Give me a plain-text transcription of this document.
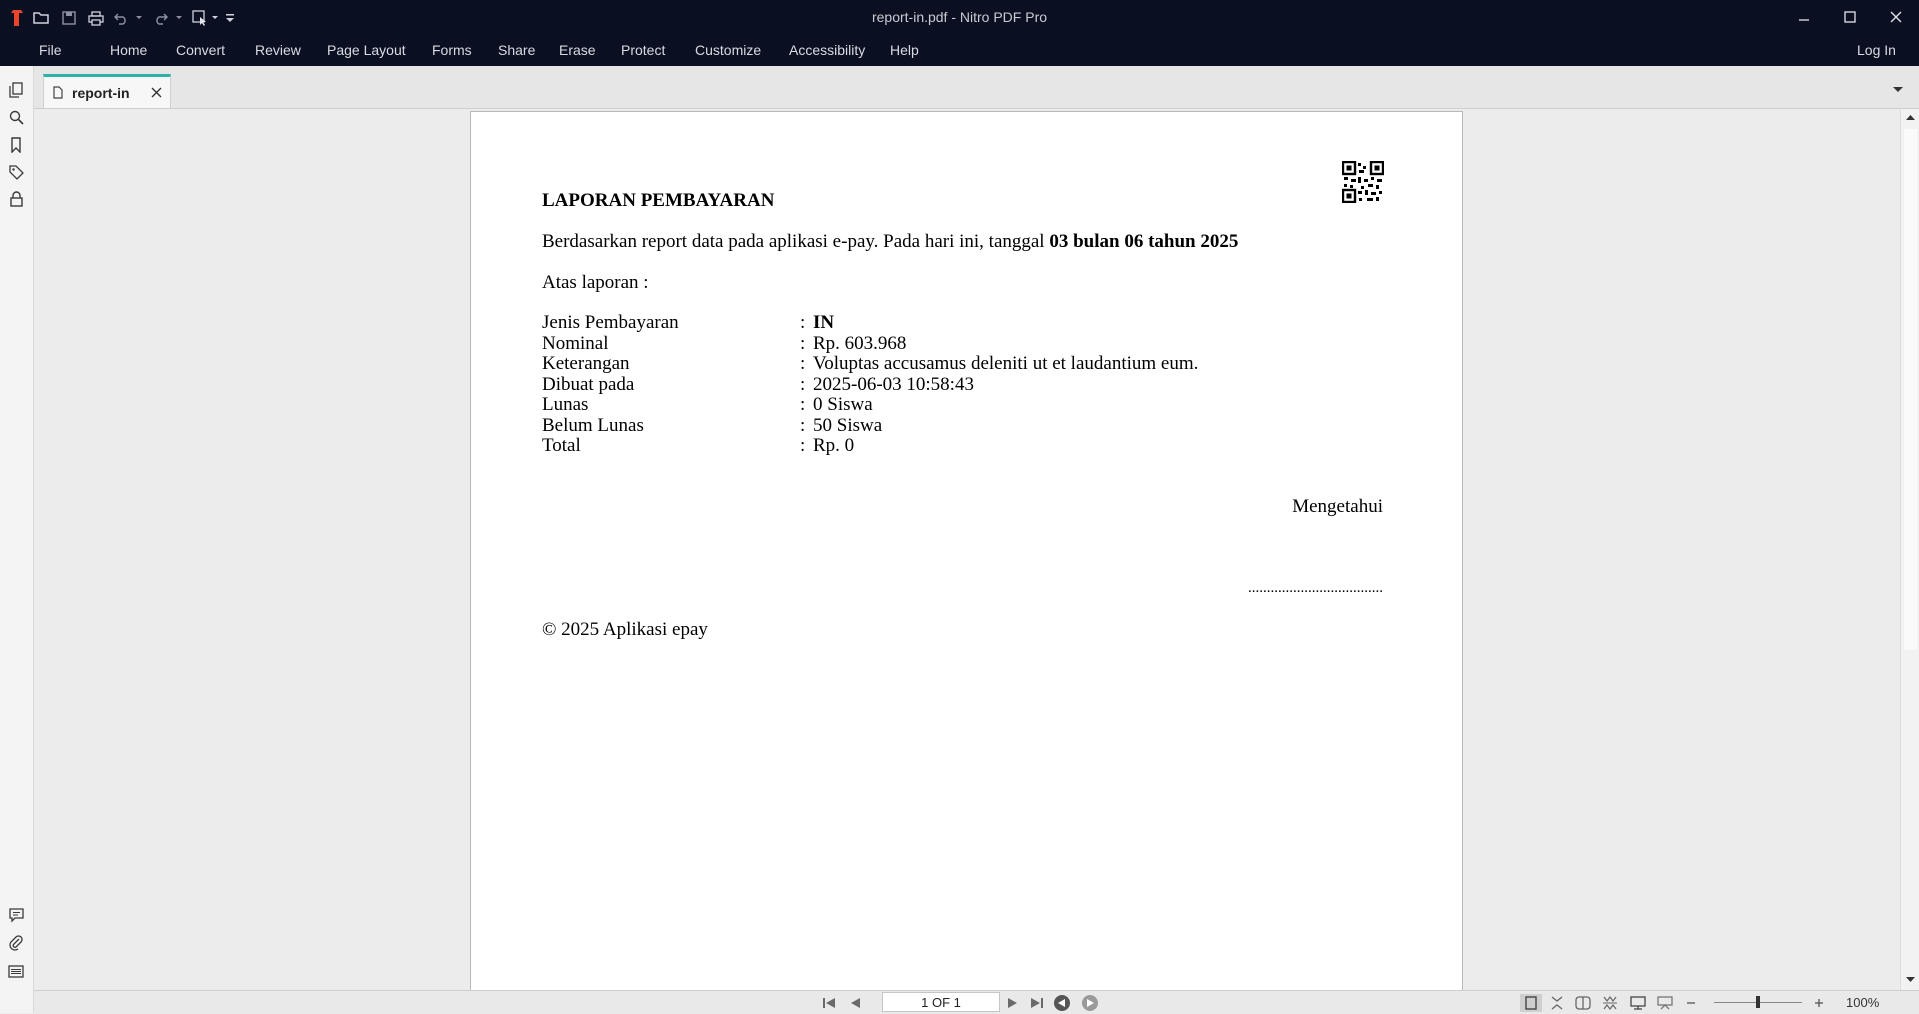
report-in.pdf - Nitro PDF Pro
File	Home Convert Review Page Layout Forms Share Erase Protect Customize Accessibility Help	Log In
report-in
LAPORAN PEMBAYARAN
Berdasarkan report data pada aplikasi e-pay. Pada hari ini, tanggal 03 bulan 06 tahun 2025
Atas laporan :
Jenis Pembayaran	: IN
Nominal	: Rp. 603.968
Keterangan	: Voluptas accusamus deleniti ut et laudantium eum.
Dibuat pada	: 2025-06-03 10:58:43
Lunas	: 0 Siswa
Belum Lunas	: 50 Siswa
Total	: Rp. 0
Mengetahui
....................................
© 2025 Aplikasi epay
1 OF 1	100%
